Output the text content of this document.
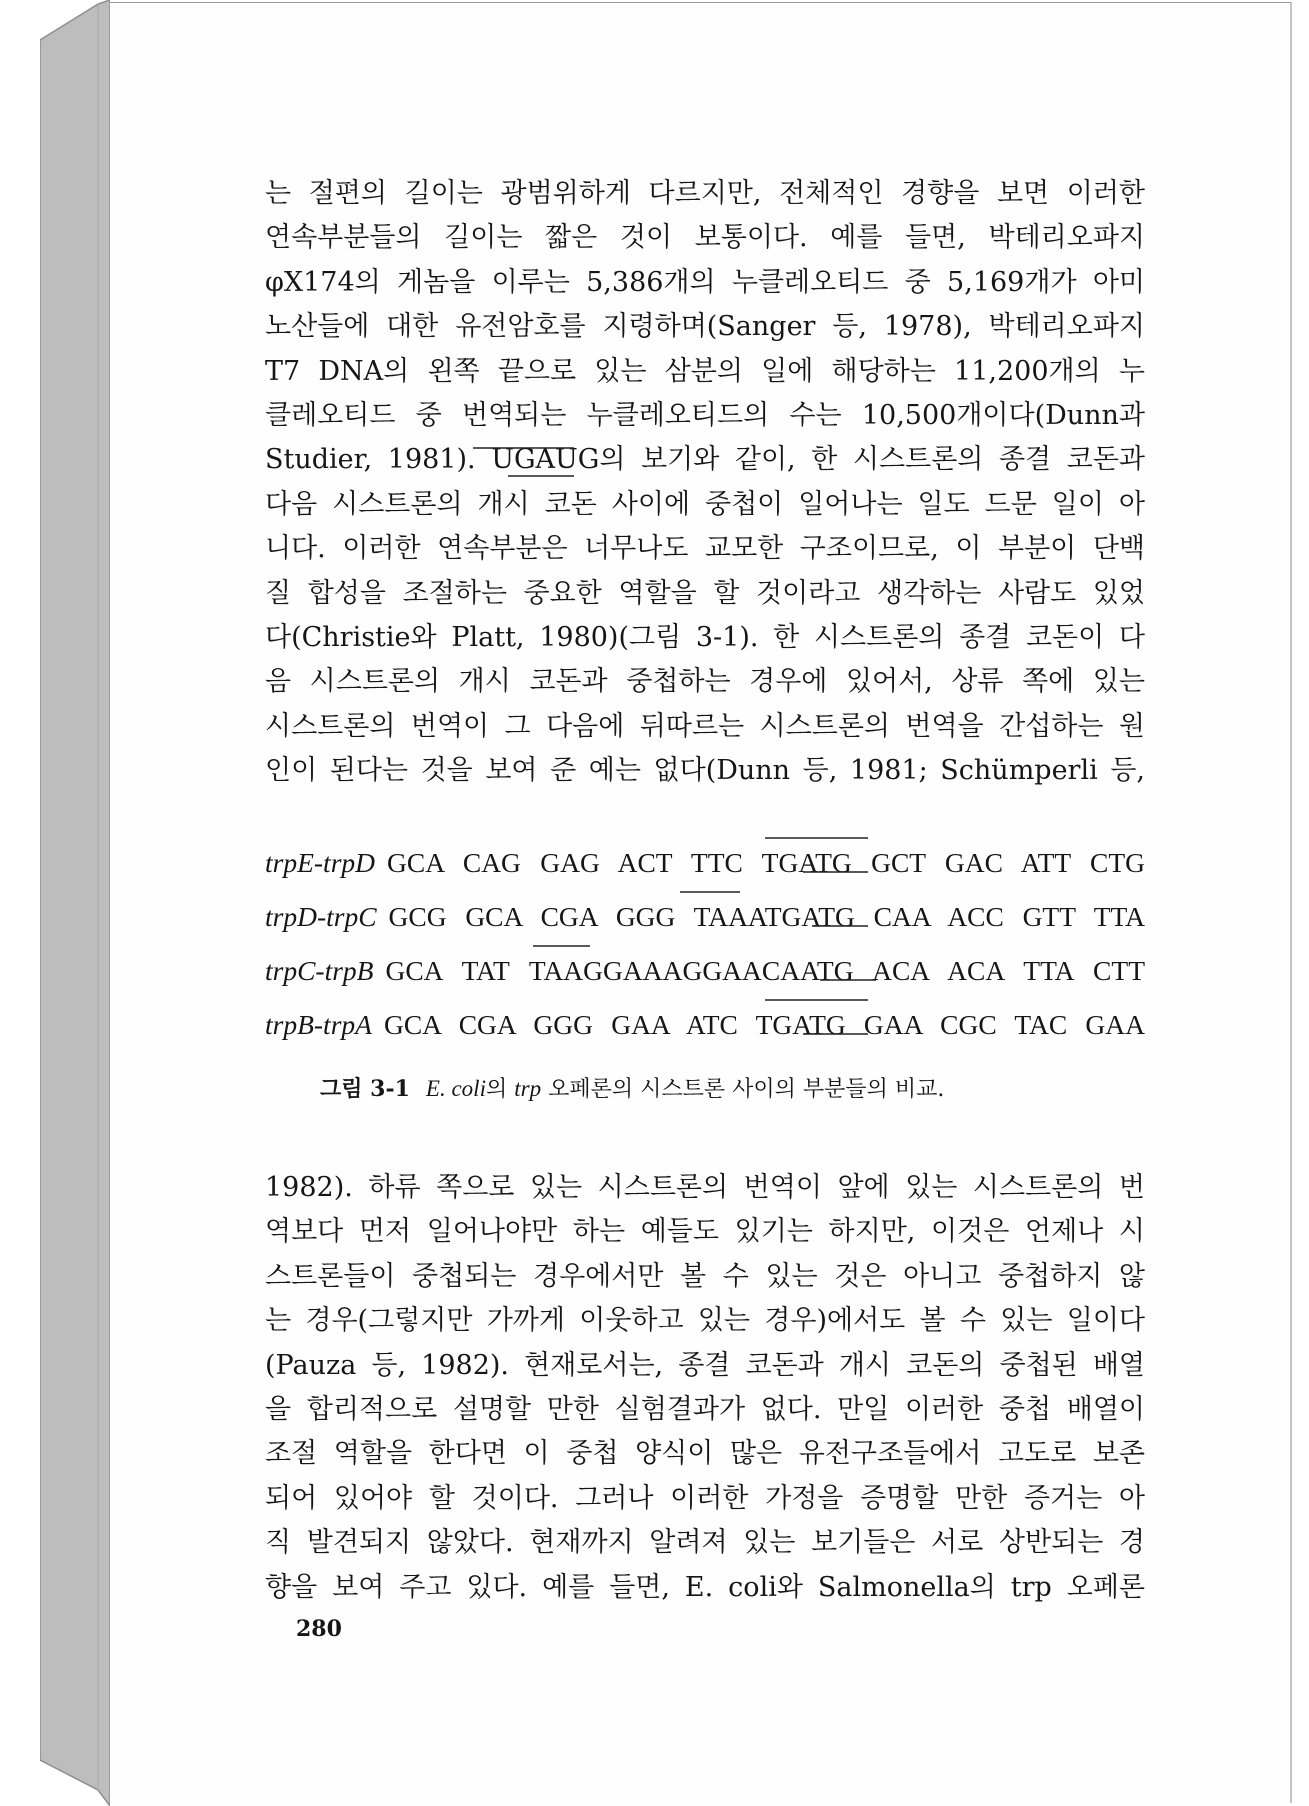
는 절편의 길이는 광범위하게 다르지만, 전체적인 경향을 보면 이러한
연속부분들의 길이는 짧은 것이 보통이다. 예를 들면, 박테리오파지
φX174의 게놈을 이루는 5,386개의 누클레오티드 중 5,169개가 아미
노산들에 대한 유전암호를 지령하며(Sanger 등, 1978), 박테리오파지
T7 DNA의 왼쪽 끝으로 있는 삼분의 일에 해당하는 11,200개의 누
클레오티드 중 번역되는 누클레오티드의 수는 10,500개이다(Dunn과
Studier, 1981). UGAUG의 보기와 같이, 한 시스트론의 종결 코돈과
다음 시스트론의 개시 코돈 사이에 중첩이 일어나는 일도 드문 일이 아
니다. 이러한 연속부분은 너무나도 교모한 구조이므로, 이 부분이 단백
질 합성을 조절하는 중요한 역할을 할 것이라고 생각하는 사람도 있었
다(Christie와 Platt, 1980)(그림 3-1). 한 시스트론의 종결 코돈이 다
음 시스트론의 개시 코돈과 중첩하는 경우에 있어서, 상류 쪽에 있는
시스트론의 번역이 그 다음에 뒤따르는 시스트론의 번역을 간섭하는 원
인이 된다는 것을 보여 준 예는 없다(Dunn 등, 1981; Schümperli 등,
trpE-trpD GCA CAG GAG ACT TTC TGATG GCT GAC ATT CTG
trpD-trpC GCG GCA CGA GGG TAAATGATG CAA ACC GTT TTA
trpC-trpB GCA TAT TAAGGAAAGGAACAATG ACA ACA TTA CTT
trpB-trpA GCA CGA GGG GAA ATC TGATG GAA CGC TAC GAA
그림 3-1 E. coli의 trp 오페론의 시스트론 사이의 부분들의 비교.
1982). 하류 쪽으로 있는 시스트론의 번역이 앞에 있는 시스트론의 번
역보다 먼저 일어나야만 하는 예들도 있기는 하지만, 이것은 언제나 시
스트론들이 중첩되는 경우에서만 볼 수 있는 것은 아니고 중첩하지 않
는 경우(그렇지만 가까게 이웃하고 있는 경우)에서도 볼 수 있는 일이다
(Pauza 등, 1982). 현재로서는, 종결 코돈과 개시 코돈의 중첩된 배열
을 합리적으로 설명할 만한 실험결과가 없다. 만일 이러한 중첩 배열이
조절 역할을 한다면 이 중첩 양식이 많은 유전구조들에서 고도로 보존
되어 있어야 할 것이다. 그러나 이러한 가정을 증명할 만한 증거는 아
직 발견되지 않았다. 현재까지 알려져 있는 보기들은 서로 상반되는 경
향을 보여 주고 있다. 예를 들면, E. coli와 Salmonella의 trp 오페론
280
